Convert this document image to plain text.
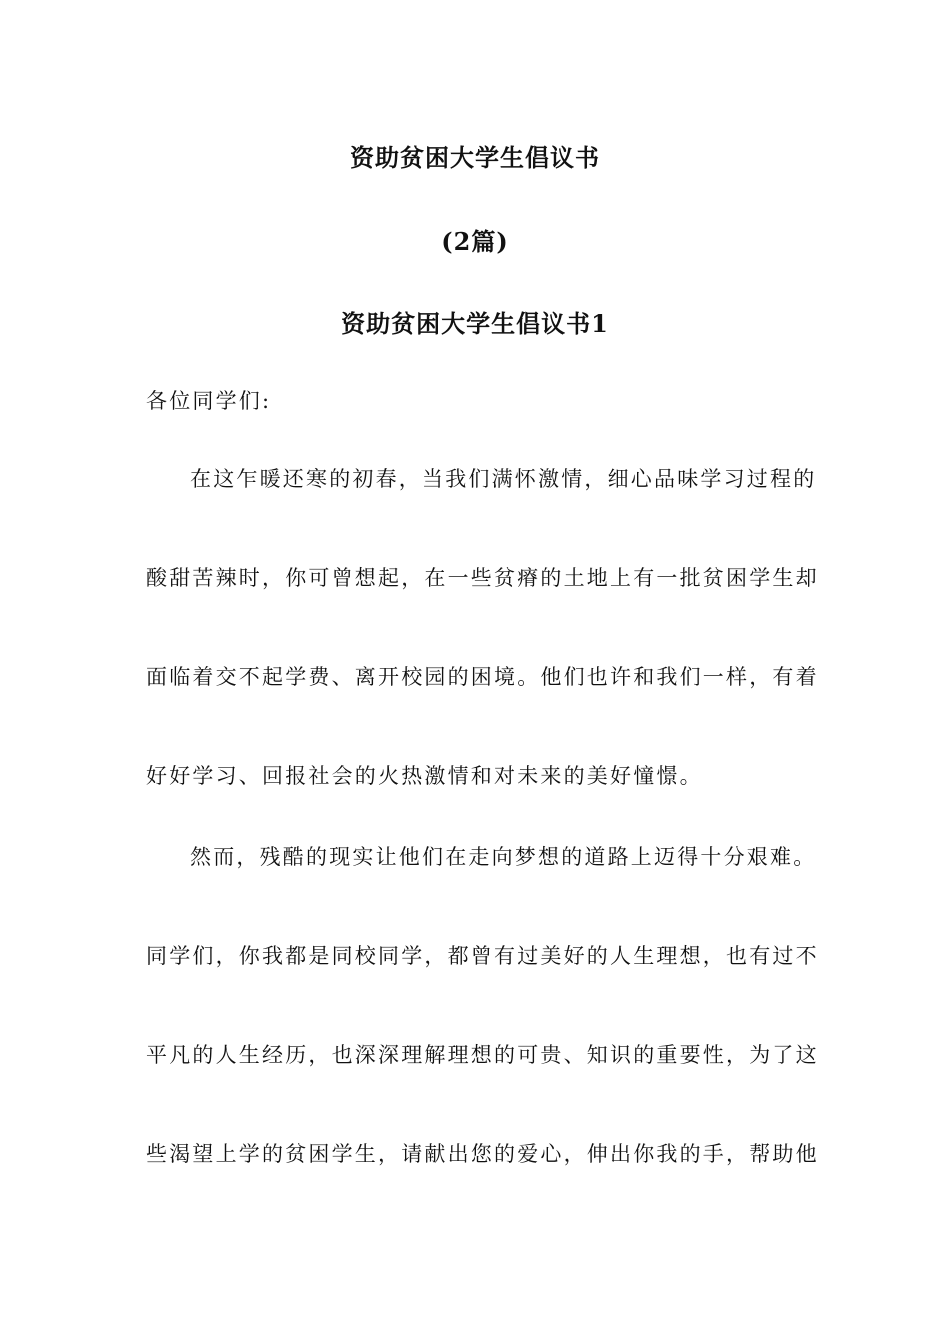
资助贫困大学生倡议书
(2篇)
资助贫困大学生倡议书1
各位同学们:
在这乍暖还寒的初春，当我们满怀激情，细心品味学习过程的
酸甜苦辣时，你可曾想起，在一些贫瘠的土地上有一批贫困学生却
面临着交不起学费、离开校园的困境。他们也许和我们一样，有着
好好学习、回报社会的火热激情和对未来的美好憧憬。
然而，残酷的现实让他们在走向梦想的道路上迈得十分艰难。
同学们，你我都是同校同学，都曾有过美好的人生理想，也有过不
平凡的人生经历，也深深理解理想的可贵、知识的重要性，为了这
些渴望上学的贫困学生，请献出您的爱心，伸出你我的手，帮助他
